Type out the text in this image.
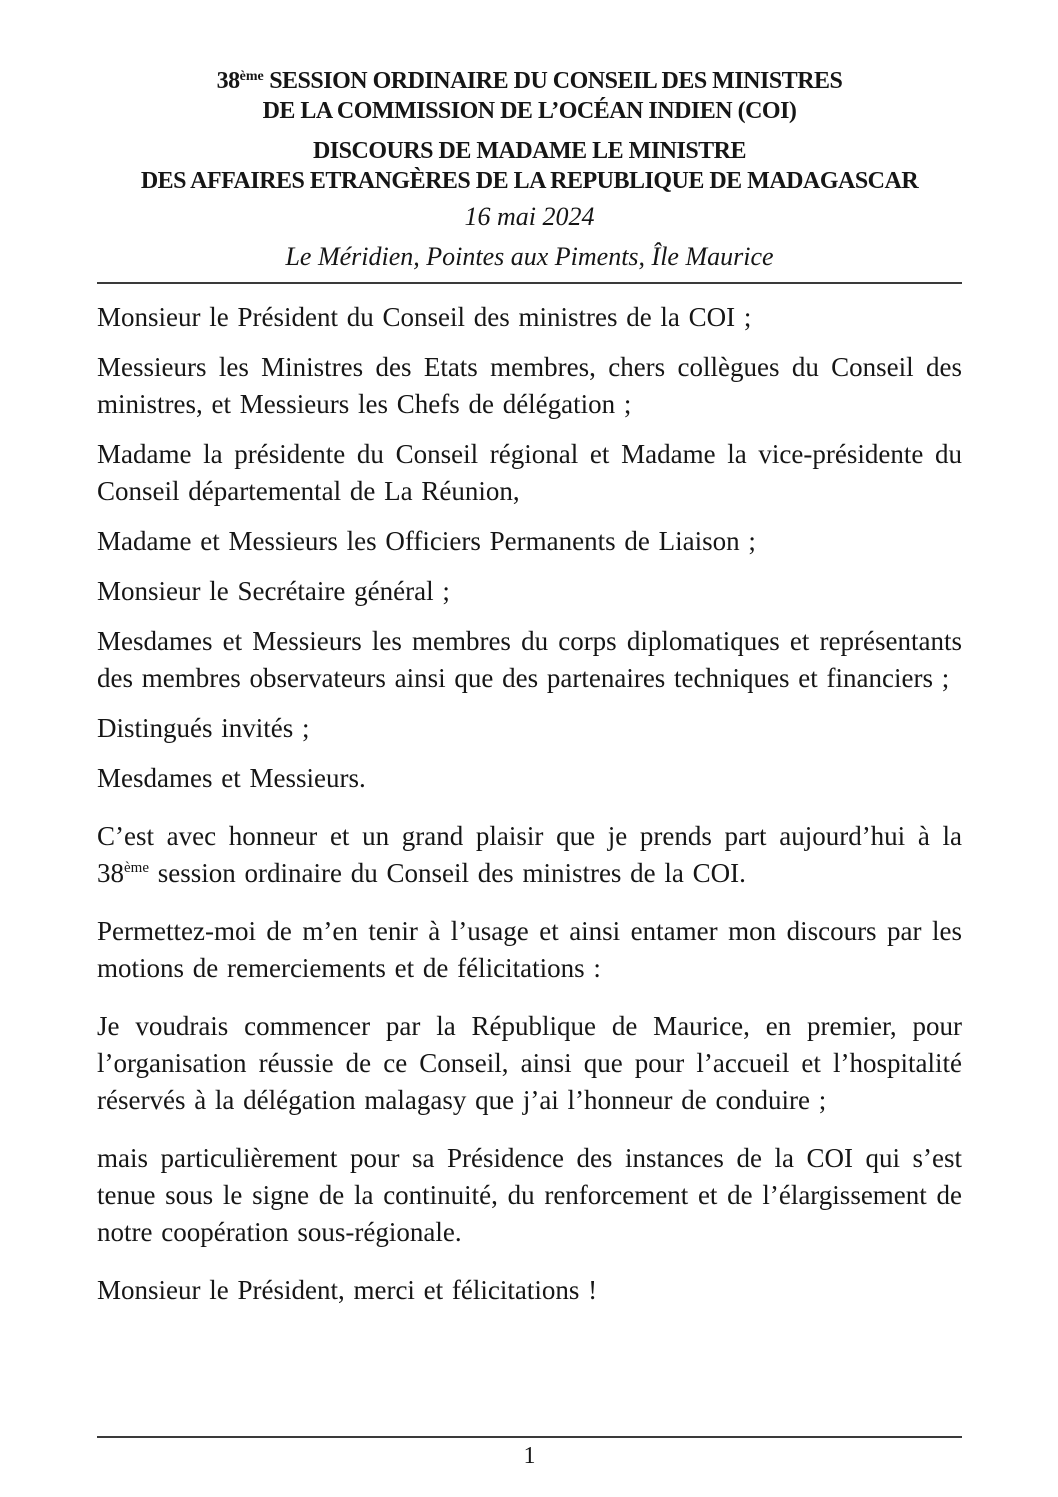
38ème SESSION ORDINAIRE DU CONSEIL DES MINISTRES
DE LA COMMISSION DE L’OCÉAN INDIEN (COI)
DISCOURS DE MADAME LE MINISTRE
DES AFFAIRES ETRANGÈRES DE LA REPUBLIQUE DE MADAGASCAR
16 mai 2024
Le Méridien, Pointes aux Piments, Île Maurice

Monsieur le Président du Conseil des ministres de la COI ;

Messieurs les Ministres des Etats membres, chers collègues du Conseil des ministres, et Messieurs les Chefs de délégation ;

Madame la présidente du Conseil régional et Madame la vice-présidente du Conseil départemental de La Réunion,

Madame et Messieurs les Officiers Permanents de Liaison ;

Monsieur le Secrétaire général ;

Mesdames et Messieurs les membres du corps diplomatiques et représentants des membres observateurs ainsi que des partenaires techniques et financiers ;

Distingués invités ;

Mesdames et Messieurs.

C’est avec honneur et un grand plaisir que je prends part aujourd’hui à la 38ème session ordinaire du Conseil des ministres de la COI.

Permettez-moi de m’en tenir à l’usage et ainsi entamer mon discours par les motions de remerciements et de félicitations :

Je voudrais commencer par la République de Maurice, en premier, pour l’organisation réussie de ce Conseil, ainsi que pour l’accueil et l’hospitalité réservés à la délégation malagasy que j’ai l’honneur de conduire ;

mais particulièrement pour sa Présidence des instances de la COI qui s’est tenue sous le signe de la continuité, du renforcement et de l’élargissement de notre coopération sous-régionale.

Monsieur le Président, merci et félicitations !

1
